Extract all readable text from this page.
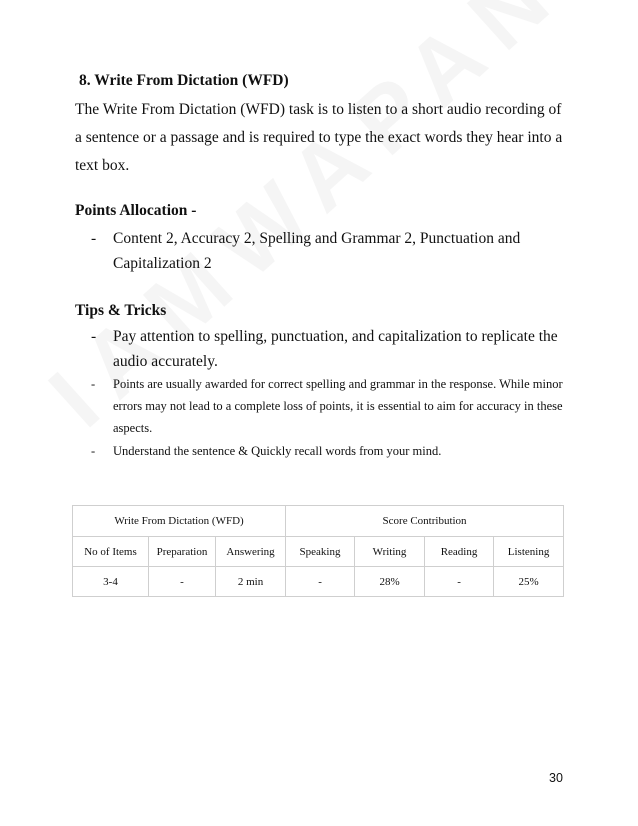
8. Write From Dictation (WFD)
The Write From Dictation (WFD) task is to listen to a short audio recording of a sentence or a passage and is required to type the exact words they hear into a text box.
Points Allocation -
-	Content 2, Accuracy 2, Spelling and Grammar 2, Punctuation and Capitalization 2
Tips & Tricks
-	Pay attention to spelling, punctuation, and capitalization to replicate the audio accurately.
-	Points are usually awarded for correct spelling and grammar in the response. While minor errors may not lead to a complete loss of points, it is essential to aim for accuracy in these aspects.
-	Understand the sentence & Quickly recall words from your mind.
Write From Dictation (WFD)			Score Contribution			
No of Items	Preparation	Answering	Speaking	Writing	Reading	Listening
3-4	-	2 min	-	28%	-	25%
30
